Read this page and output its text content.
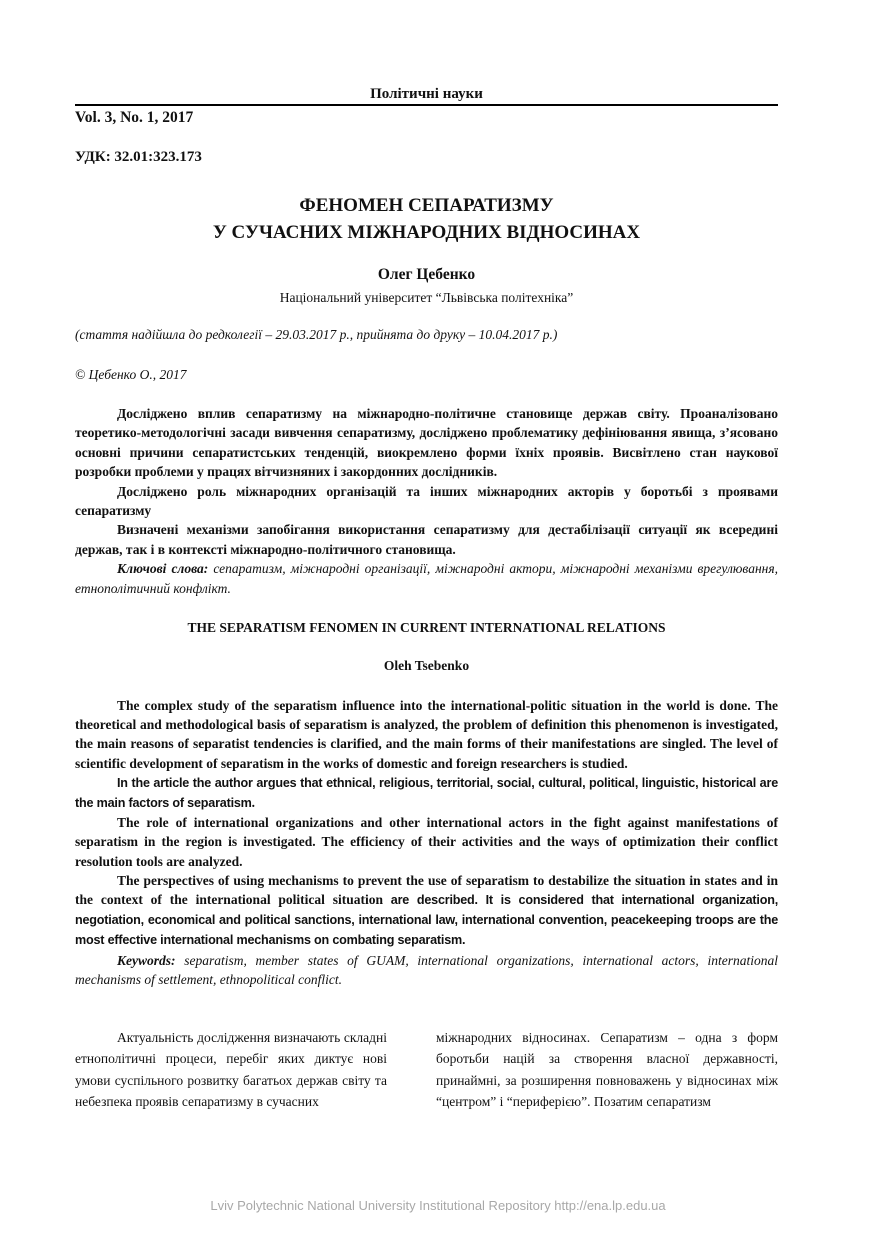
Політичні науки
Vol. 3, No. 1, 2017
УДК: 32.01:323.173
ФЕНОМЕН СЕПАРАТИЗМУ
У СУЧАСНИХ МІЖНАРОДНИХ ВІДНОСИНАХ
Олег Цебенко
Національний університет “Львівська політехніка”
(стаття надійшла до редколегії – 29.03.2017 р., прийнята до друку – 10.04.2017 р.)
© Цебенко О., 2017

Досліджено вплив сепаратизму на міжнародно-політичне становище держав світу. Проаналізовано теоретико-методологічні засади вивчення сепаратизму, досліджено проблематику дефініювання явища, з’ясовано основні причини сепаратистських тенденцій, виокремлено форми їхніх проявів. Висвітлено стан наукової розробки проблеми у працях вітчизняних і закордонних дослідників.

Досліджено роль міжнародних організацій та інших міжнародних акторів у боротьбі з проявами сепаратизму

Визначені механізми запобігання використання сепаратизму для дестабілізації ситуації як всередині держав, так і в контексті міжнародно-політичного становища.

Ключові слова: сепаратизм, міжнародні організації, міжнародні актори, міжнародні механізми врегулювання, етнополітичний конфлікт.

THE SEPARATISM FENOMEN IN CURRENT INTERNATIONAL RELATIONS
Oleh Tsebenko

The complex study of the separatism influence into the international-politic situation in the world is done. The theoretical and methodological basis of separatism is analyzed, the problem of definition this phenomenon is investigated, the main reasons of separatist tendencies is clarified, and the main forms of their manifestations are singled. The level of scientific development of separatism in the works of domestic and foreign researchers is studied.

In the article the author argues that ethnical, religious, territorial, social, cultural, political, linguistic, historical are the main factors of separatism.

The role of international organizations and other international actors in the fight against manifestations of separatism in the region is investigated. The efficiency of their activities and the ways of optimization their conflict resolution tools are analyzed.

The perspectives of using mechanisms to prevent the use of separatism to destabilize the situation in states and in the context of the international political situation are described. It is considered that international organization, negotiation, economical and political sanctions, international law, international convention, peacekeeping troops are the most effective international mechanisms on combating separatism.

Keywords: separatism, member states of GUAM, international organizations, international actors, international mechanisms of settlement, ethnopolitical conflict.

Актуальність дослідження визначають складні етнополітичні процеси, перебіг яких диктує нові умови суспільного розвитку багатьох держав світу та небезпека проявів сепаратизму в сучасних

міжнародних відносинах. Сепаратизм – одна з форм боротьби націй за створення власної державності, принаймні, за розширення повноважень у відносинах між “центром” і “периферією”. Позатим сепаратизм

Lviv Polytechnic National University Institutional Repository http://ena.lp.edu.ua
